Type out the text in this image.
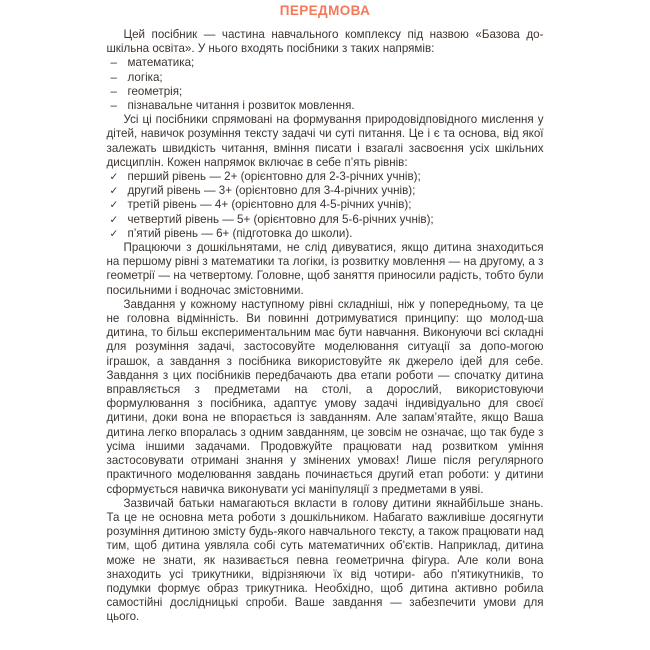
ПЕРЕДМОВА

Цей посібник — частина навчального комплексу під назвою «Базова до-шкільна освіта». У нього входять посібники з таких напрямів:

– математика;
– логіка;
– геометрія;
– пізнавальне читання і розвиток мовлення.

Усі ці посібники спрямовані на формування природовідповідного мислення у дітей, навичок розуміння тексту задачі чи суті питання. Це і є та основа, від якої залежать швидкість читання, вміння писати і взагалі засвоєння усіх шкільних дисциплін. Кожен напрямок включає в себе п’ять рівнів:

✓ перший рівень — 2+ (орієнтовно для 2-3-річних учнів);
✓ другий рівень — 3+ (орієнтовно для 3-4-річних учнів);
✓ третій рівень — 4+ (орієнтовно для 4-5-річних учнів);
✓ четвертий рівень — 5+ (орієнтовно для 5-6-річних учнів);
✓ п’ятий рівень — 6+ (підготовка до школи).

Працюючи з дошкільнятами, не слід дивуватися, якщо дитина знаходиться на першому рівні з математики та логіки, із розвитку мовлення — на другому, а з геометрії — на четвертому. Головне, щоб заняття приносили радість, тобто були посильними і водночас змістовними.

Завдання у кожному наступному рівні складніші, ніж у попередньому, та це не головна відмінність. Ви повинні дотримуватися принципу: що молод-ша дитина, то більш експериментальним має бути навчання. Виконуючи всі складні для розуміння задачі, застосовуйте моделювання ситуації за допо-могою іграшок, а завдання з посібника використовуйте як джерело ідей для себе. Завдання з цих посібників передбачають два етапи роботи — спочатку дитина вправляється з предметами на столі, а дорослий, використовуючи формулювання з посібника, адаптує умову задачі індивідуально для своєї дитини, доки вона не впорається із завданням. Але запам’ятайте, якщо Ваша дитина легко впоралась з одним завданням, це зовсім не означає, що так буде з усіма іншими задачами. Продовжуйте працювати над розвитком уміння застосовувати отримані знання у змінених умовах! Лише після регулярного практичного моделювання завдань починається другий етап роботи: у дитини сформується навичка виконувати усі маніпуляції з предметами в уяві.

Зазвичай батьки намагаються вкласти в голову дитини якнайбільше знань. Та це не основна мета роботи з дошкільником. Набагато важливіше досягнути розуміння дитиною змісту будь-якого навчального тексту, а також працювати над тим, щоб дитина уявляла собі суть математичних об'єктів. Наприклад, дитина може не знати, як називається певна геометрична фігура. Але коли вона знаходить усі трикутники, відрізняючи їх від чотири- або п'ятикутників, то подумки формує образ трикутника. Необхідно, щоб дитина активно робила самостійні дослідницькі спроби. Ваше завдання — забезпечити умови для цього.
